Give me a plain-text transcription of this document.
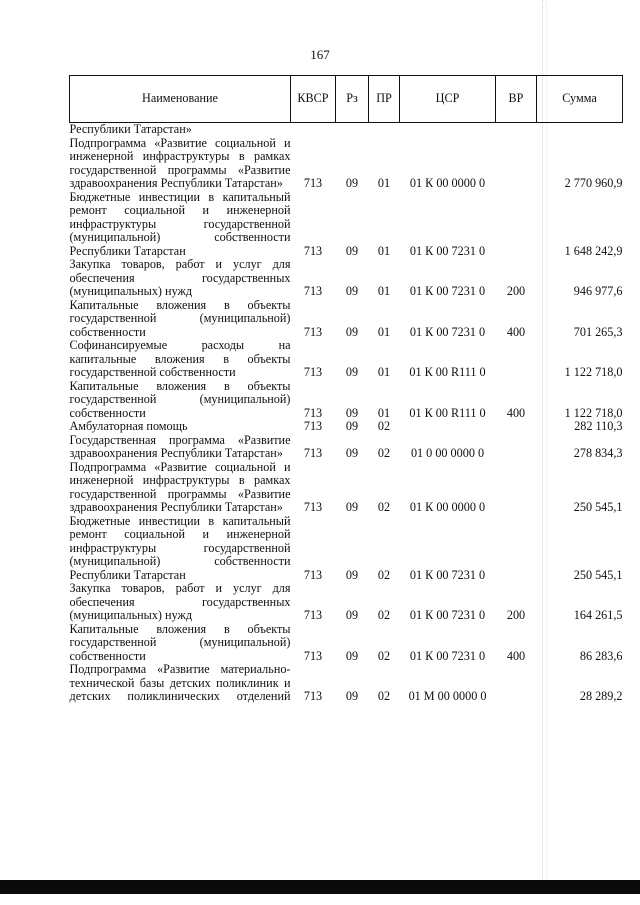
167
Наименование	КВСР	Рз	ПР	ЦСР	ВР	Сумма
Республики Татарстан»						
Подпрограмма «Развитие социальной и инженерной инфраструктуры в рамках государственной программы «Развитие здравоохранения Республики Татарстан»	713	09	01	01 К 00 0000 0		2 770 960,9
Бюджетные инвестиции в капитальный ремонт социальной и инженерной инфраструктуры государственной (муниципальной) собственности Республики Татарстан	713	09	01	01 К 00 7231 0		1 648 242,9
Закупка товаров, работ и услуг для обеспечения государственных (муниципальных) нужд	713	09	01	01 К 00 7231 0	200	946 977,6
Капитальные вложения в объекты государственной (муниципальной) собственности	713	09	01	01 К 00 7231 0	400	701 265,3
Софинансируемые расходы на капитальные вложения в объекты государственной собственности	713	09	01	01 К 00 R111 0		1 122 718,0
Капитальные вложения в объекты государственной (муниципальной) собственности	713	09	01	01 К 00 R111 0	400	1 122 718,0
Амбулаторная помощь	713	09	02			282 110,3
Государственная программа «Развитие здравоохранения Республики Татарстан»	713	09	02	01 0 00 0000 0		278 834,3
Подпрограмма «Развитие социальной и инженерной инфраструктуры в рамках государственной программы «Развитие здравоохранения Республики Татарстан»	713	09	02	01 К 00 0000 0		250 545,1
Бюджетные инвестиции в капитальный ремонт социальной и инженерной инфраструктуры государственной (муниципальной) собственности Республики Татарстан	713	09	02	01 К 00 7231 0		250 545,1
Закупка товаров, работ и услуг для обеспечения государственных (муниципальных) нужд	713	09	02	01 К 00 7231 0	200	164 261,5
Капитальные вложения в объекты государственной (муниципальной) собственности	713	09	02	01 К 00 7231 0	400	86 283,6
Подпрограмма «Развитие материально-технической базы детских поликлиник и детских поликлинических отделений	713	09	02	01 М 00 0000 0		28 289,2
